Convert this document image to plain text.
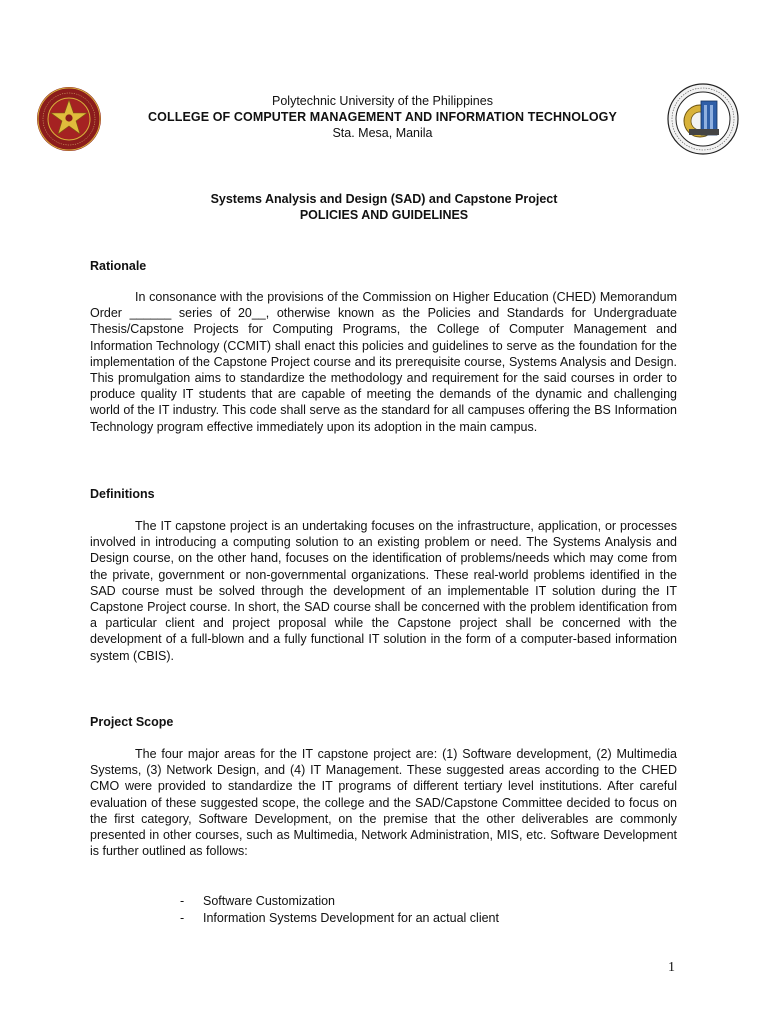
Polytechnic University of the Philippines
COLLEGE OF COMPUTER MANAGEMENT AND INFORMATION TECHNOLOGY
Sta. Mesa, Manila
Systems Analysis and Design (SAD) and Capstone Project
POLICIES AND GUIDELINES
Rationale

In consonance with the provisions of the Commission on Higher Education (CHED) Memorandum Order ______ series of 20__, otherwise known as the Policies and Standards for Undergraduate Thesis/Capstone Projects for Computing Programs, the College of Computer Management and Information Technology (CCMIT) shall enact this policies and guidelines to serve as the foundation for the implementation of the Capstone Project course and its prerequisite course, Systems Analysis and Design. This promulgation aims to standardize the methodology and requirement for the said courses in order to produce quality IT students that are capable of meeting the demands of the dynamic and challenging world of the IT industry. This code shall serve as the standard for all campuses offering the BS Information Technology program effective immediately upon its adoption in the main campus.

Definitions

The IT capstone project is an undertaking focuses on the infrastructure, application, or processes involved in introducing a computing solution to an existing problem or need. The Systems Analysis and Design course, on the other hand, focuses on the identification of problems/needs which may come from the private, government or non-governmental organizations. These real-world problems identified in the SAD course must be solved through the development of an implementable IT solution during the IT Capstone Project course. In short, the SAD course shall be concerned with the problem identification from a particular client and project proposal while the Capstone project shall be concerned with the development of a full-blown and a fully functional IT solution in the form of a computer-based information system (CBIS).

Project Scope

The four major areas for the IT capstone project are: (1) Software development, (2) Multimedia Systems, (3) Network Design, and (4) IT Management. These suggested areas according to the CHED CMO were provided to standardize the IT programs of different tertiary level institutions. After careful evaluation of these suggested scope, the college and the SAD/Capstone Committee decided to focus on the first category, Software Development, on the premise that the other deliverables are commonly presented in other courses, such as Multimedia, Network Administration, MIS, etc. Software Development is further outlined as follows:

- Software Customization
- Information Systems Development for an actual client
1
